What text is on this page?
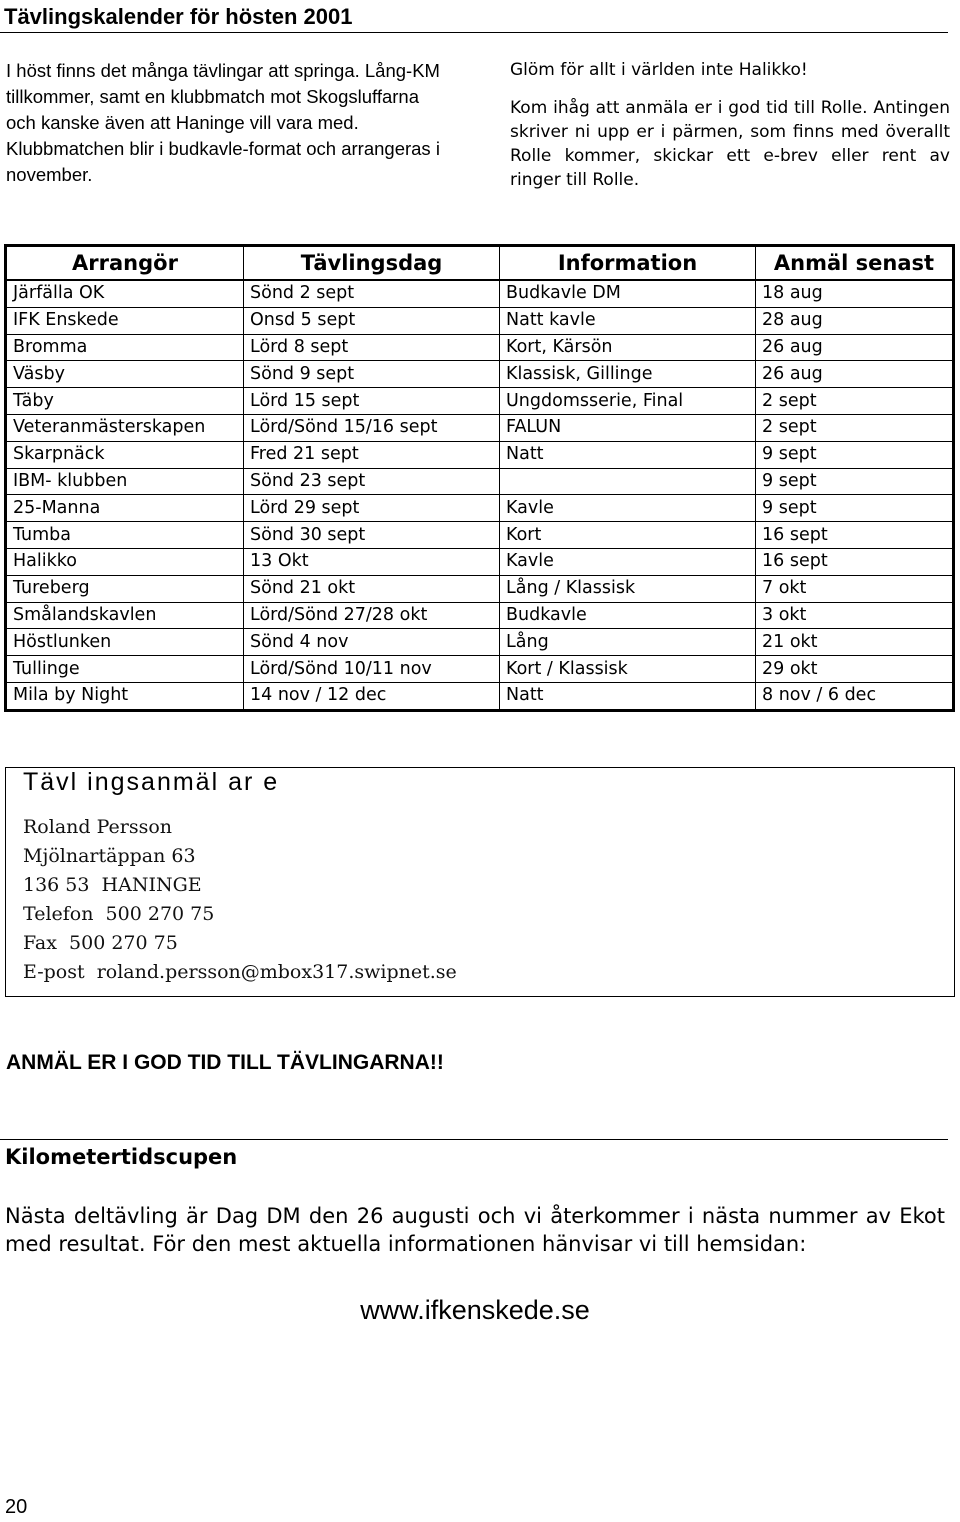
Tävlingskalender för hösten 2001
I höst finns det många tävlingar att springa. Lång-KM tillkommer, samt en klubbmatch mot Skogsluffarna och kanske även att Haninge vill vara med. Klubbmatchen blir i budkavle-format och arrangeras i november.

Glöm för allt i världen inte Halikko!

Kom ihåg att anmäla er i god tid till Rolle. Antingen skriver ni upp er i pärmen, som finns med överallt Rolle kommer, skickar ett e-brev eller rent av ringer till Rolle.

Arrangör	Tävlingsdag	Information	Anmäl senast
Järfälla OK	Sönd 2 sept	Budkavle DM	18 aug
IFK Enskede	Onsd 5 sept	Natt kavle	28 aug
Bromma	Lörd 8 sept	Kort, Kärsön	26 aug
Väsby	Sönd 9 sept	Klassisk, Gillinge	26 aug
Täby	Lörd 15 sept	Ungdomsserie, Final	2 sept
Veteranmästerskapen	Lörd/Sönd 15/16 sept	FALUN	2 sept
Skarpnäck	Fred 21 sept	Natt	9 sept
IBM- klubben	Sönd 23 sept		9 sept
25-Manna	Lörd 29 sept	Kavle	9 sept
Tumba	Sönd 30 sept	Kort	16 sept
Halikko	13 Okt	Kavle	16 sept
Tureberg	Sönd 21 okt	Lång / Klassisk	7 okt
Smålandskavlen	Lörd/Sönd 27/28 okt	Budkavle	3 okt
Höstlunken	Sönd 4 nov	Lång	21 okt
Tullinge	Lörd/Sönd 10/11 nov	Kort / Klassisk	29 okt
Mila by Night	14 nov / 12 dec	Natt	8 nov / 6 dec
Tävl ingsanmäl ar e
Roland Persson
Mjölnartäppan 63
136 53  HANINGE
Telefon  500 270 75
Fax  500 270 75
E-post  roland.persson@mbox317.swipnet.se
ANMÄL ER I GOD TID TILL TÄVLINGARNA!!
Kilometertidscupen

Nästa deltävling är Dag DM den 26 augusti och vi återkommer i nästa nummer av Ekot med resultat. För den mest aktuella informationen hänvisar vi till hemsidan:

www.ifkenskede.se
20
